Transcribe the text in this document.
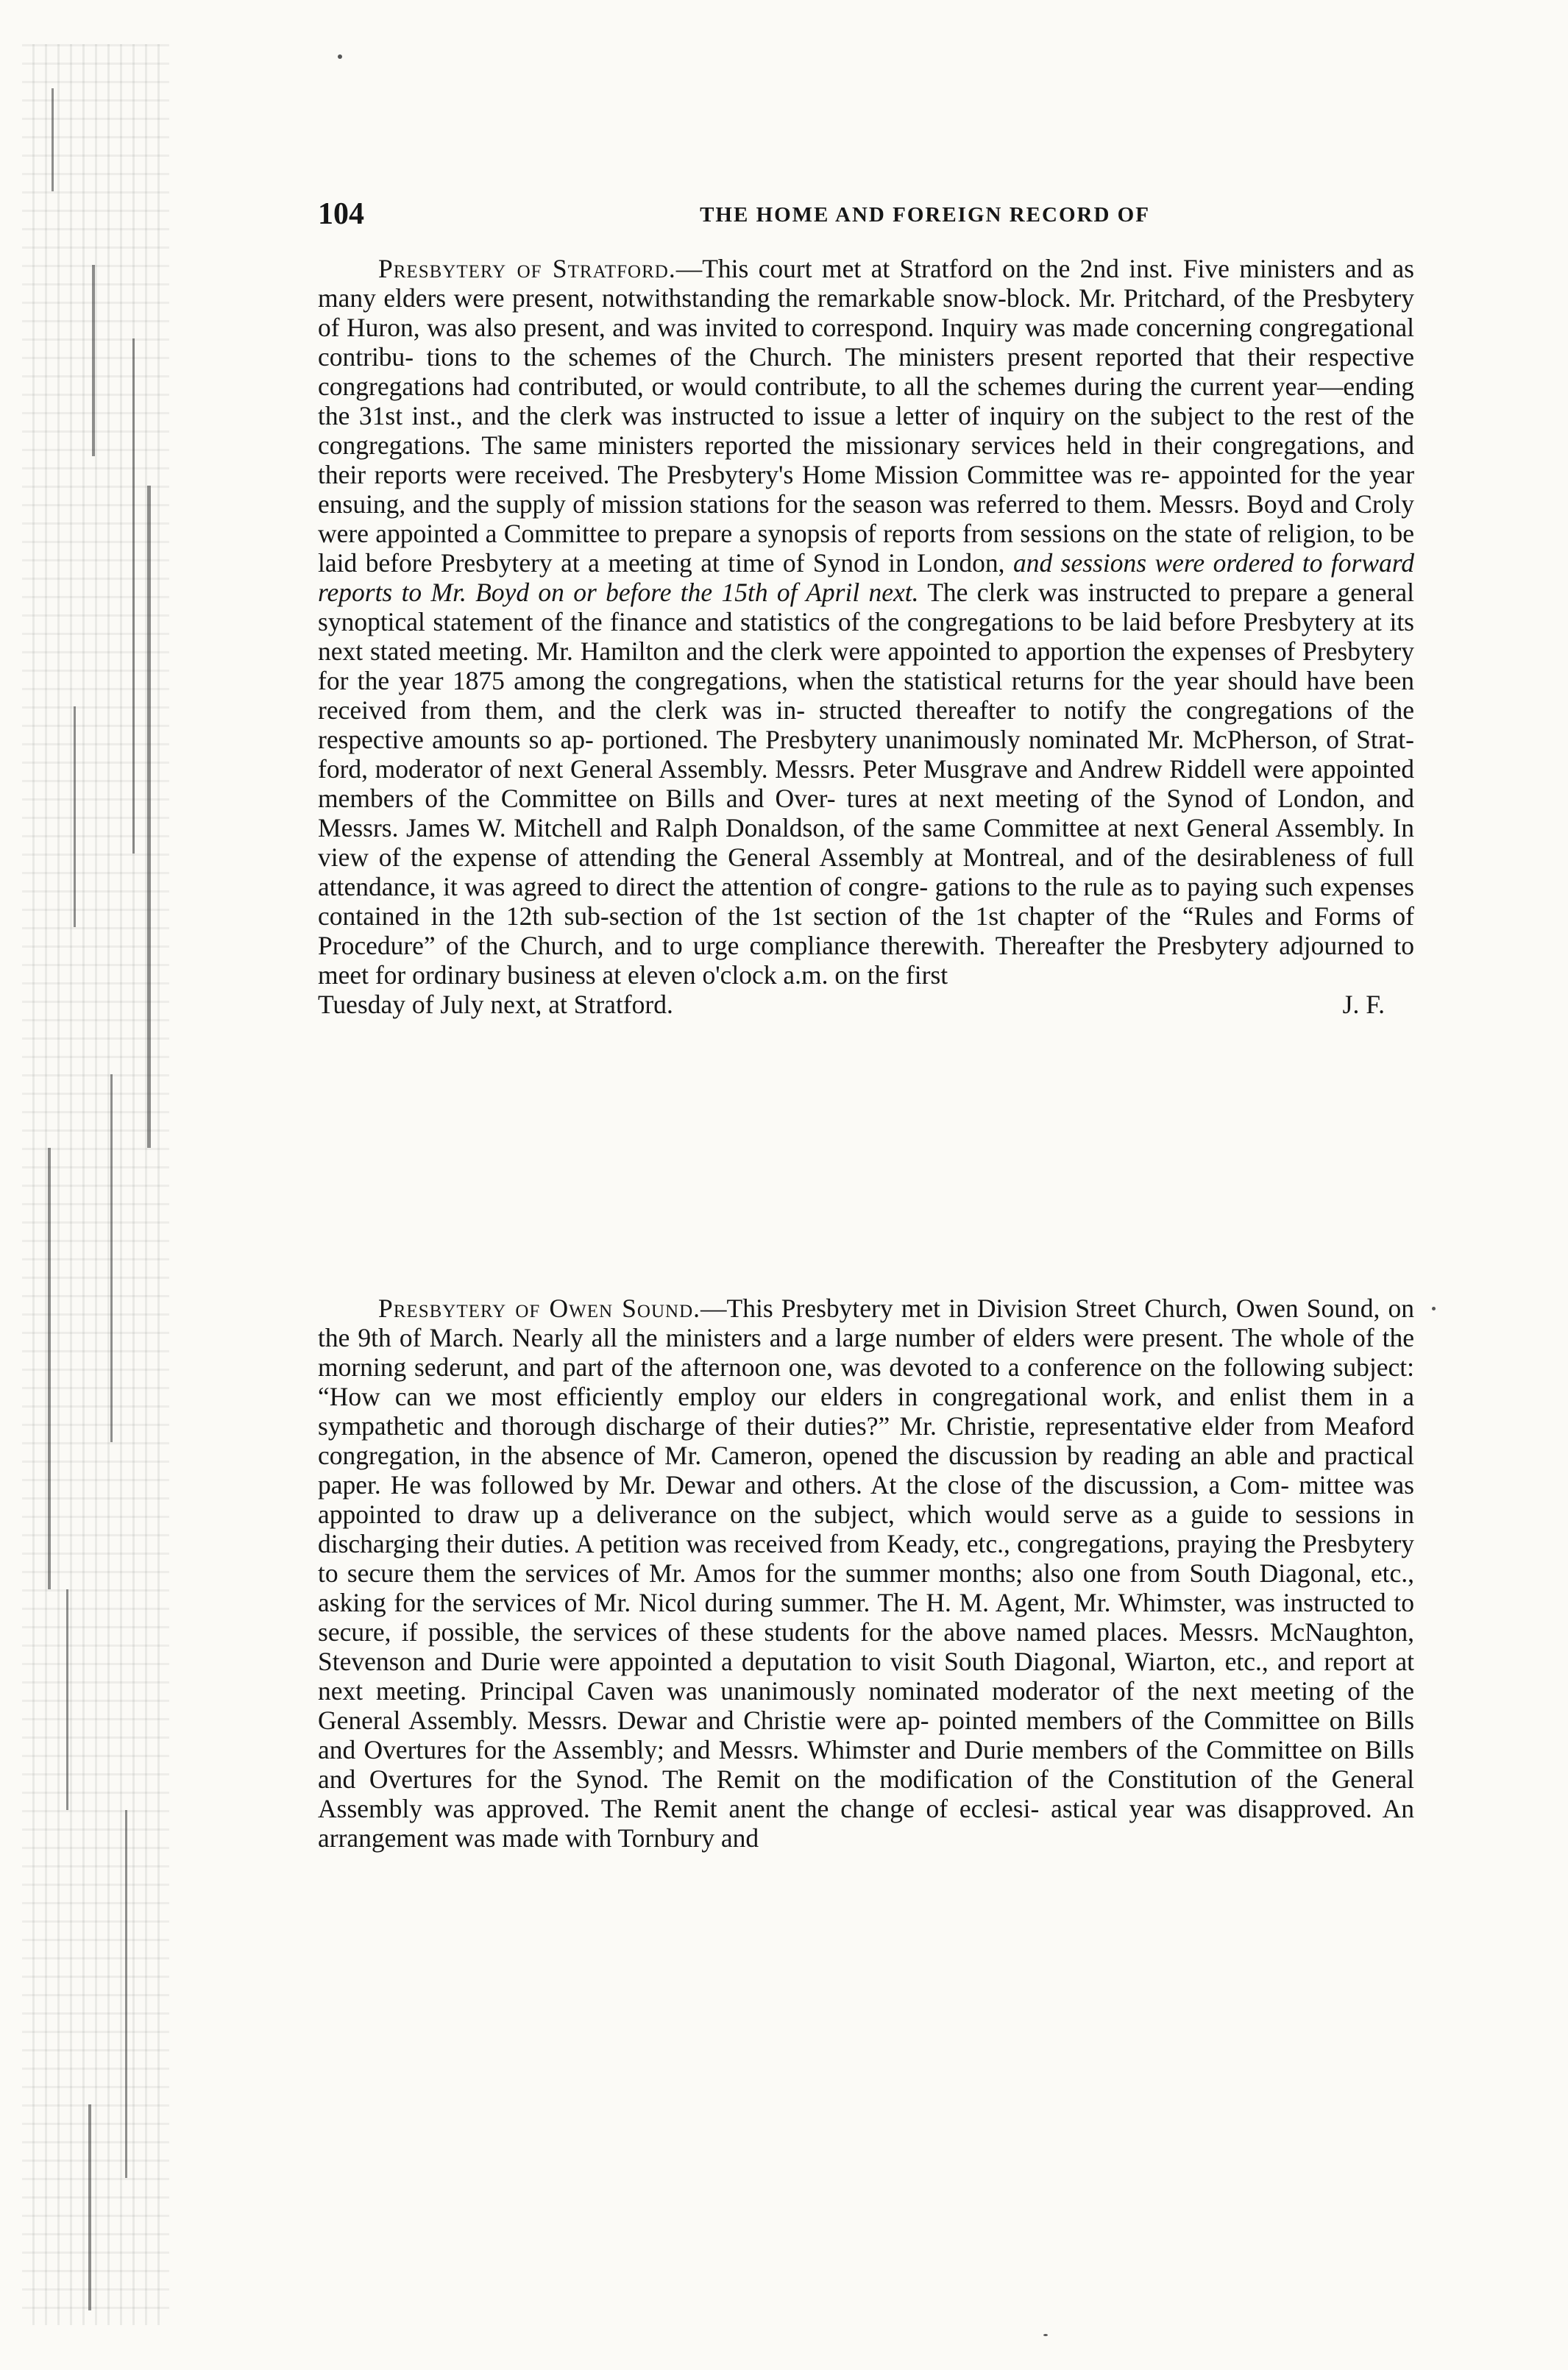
104	THE HOME AND FOREIGN RECORD OF

Presbytery of Stratford.—This court met at Stratford on the 2nd inst. Five ministers and as many elders were present, notwithstanding the remarkable snow-block. Mr. Pritchard, of the Presbytery of Huron, was also present, and was invited to correspond. Inquiry was made concerning congregational contribu- tions to the schemes of the Church. The ministers present reported that their respective congregations had contributed, or would contribute, to all the schemes during the current year—ending the 31st inst., and the clerk was instructed to issue a letter of inquiry on the subject to the rest of the congregations. The same ministers reported the missionary services held in their congregations, and their reports were received. The Presbytery's Home Mission Committee was re- appointed for the year ensuing, and the supply of mission stations for the season was referred to them. Messrs. Boyd and Croly were appointed a Committee to prepare a synopsis of reports from sessions on the state of religion, to be laid before Presbytery at a meeting at time of Synod in London, and sessions were ordered to forward reports to Mr. Boyd on or before the 15th of April next. The clerk was instructed to prepare a general synoptical statement of the finance and statistics of the congregations to be laid before Presbytery at its next stated meeting. Mr. Hamilton and the clerk were appointed to apportion the expenses of Presbytery for the year 1875 among the congregations, when the statistical returns for the year should have been received from them, and the clerk was in- structed thereafter to notify the congregations of the respective amounts so ap- portioned. The Presbytery unanimously nominated Mr. McPherson, of Strat- ford, moderator of next General Assembly. Messrs. Peter Musgrave and Andrew Riddell were appointed members of the Committee on Bills and Over- tures at next meeting of the Synod of London, and Messrs. James W. Mitchell and Ralph Donaldson, of the same Committee at next General Assembly. In view of the expense of attending the General Assembly at Montreal, and of the desirableness of full attendance, it was agreed to direct the attention of congre- gations to the rule as to paying such expenses contained in the 12th sub-section of the 1st section of the 1st chapter of the “Rules and Forms of Procedure” of the Church, and to urge compliance therewith. Thereafter the Presbytery adjourned to meet for ordinary business at eleven o'clock a.m. on the first

Tuesday of July next, at Stratford.	J. F.

Presbytery of Owen Sound.—This Presbytery met in Division Street Church, Owen Sound, on the 9th of March. Nearly all the ministers and a large number of elders were present. The whole of the morning sederunt, and part of the afternoon one, was devoted to a conference on the following subject: “How can we most efficiently employ our elders in congregational work, and enlist them in a sympathetic and thorough discharge of their duties?” Mr. Christie, representative elder from Meaford congregation, in the absence of Mr. Cameron, opened the discussion by reading an able and practical paper. He was followed by Mr. Dewar and others. At the close of the discussion, a Com- mittee was appointed to draw up a deliverance on the subject, which would serve as a guide to sessions in discharging their duties. A petition was received from Keady, etc., congregations, praying the Presbytery to secure them the services of Mr. Amos for the summer months; also one from South Diagonal, etc., asking for the services of Mr. Nicol during summer. The H. M. Agent, Mr. Whimster, was instructed to secure, if possible, the services of these students for the above named places. Messrs. McNaughton, Stevenson and Durie were appointed a deputation to visit South Diagonal, Wiarton, etc., and report at next meeting. Principal Caven was unanimously nominated moderator of the next meeting of the General Assembly. Messrs. Dewar and Christie were ap- pointed members of the Committee on Bills and Overtures for the Assembly; and Messrs. Whimster and Durie members of the Committee on Bills and Overtures for the Synod. The Remit on the modification of the Constitution of the General Assembly was approved. The Remit anent the change of ecclesi- astical year was disapproved. An arrangement was made with Tornbury and
